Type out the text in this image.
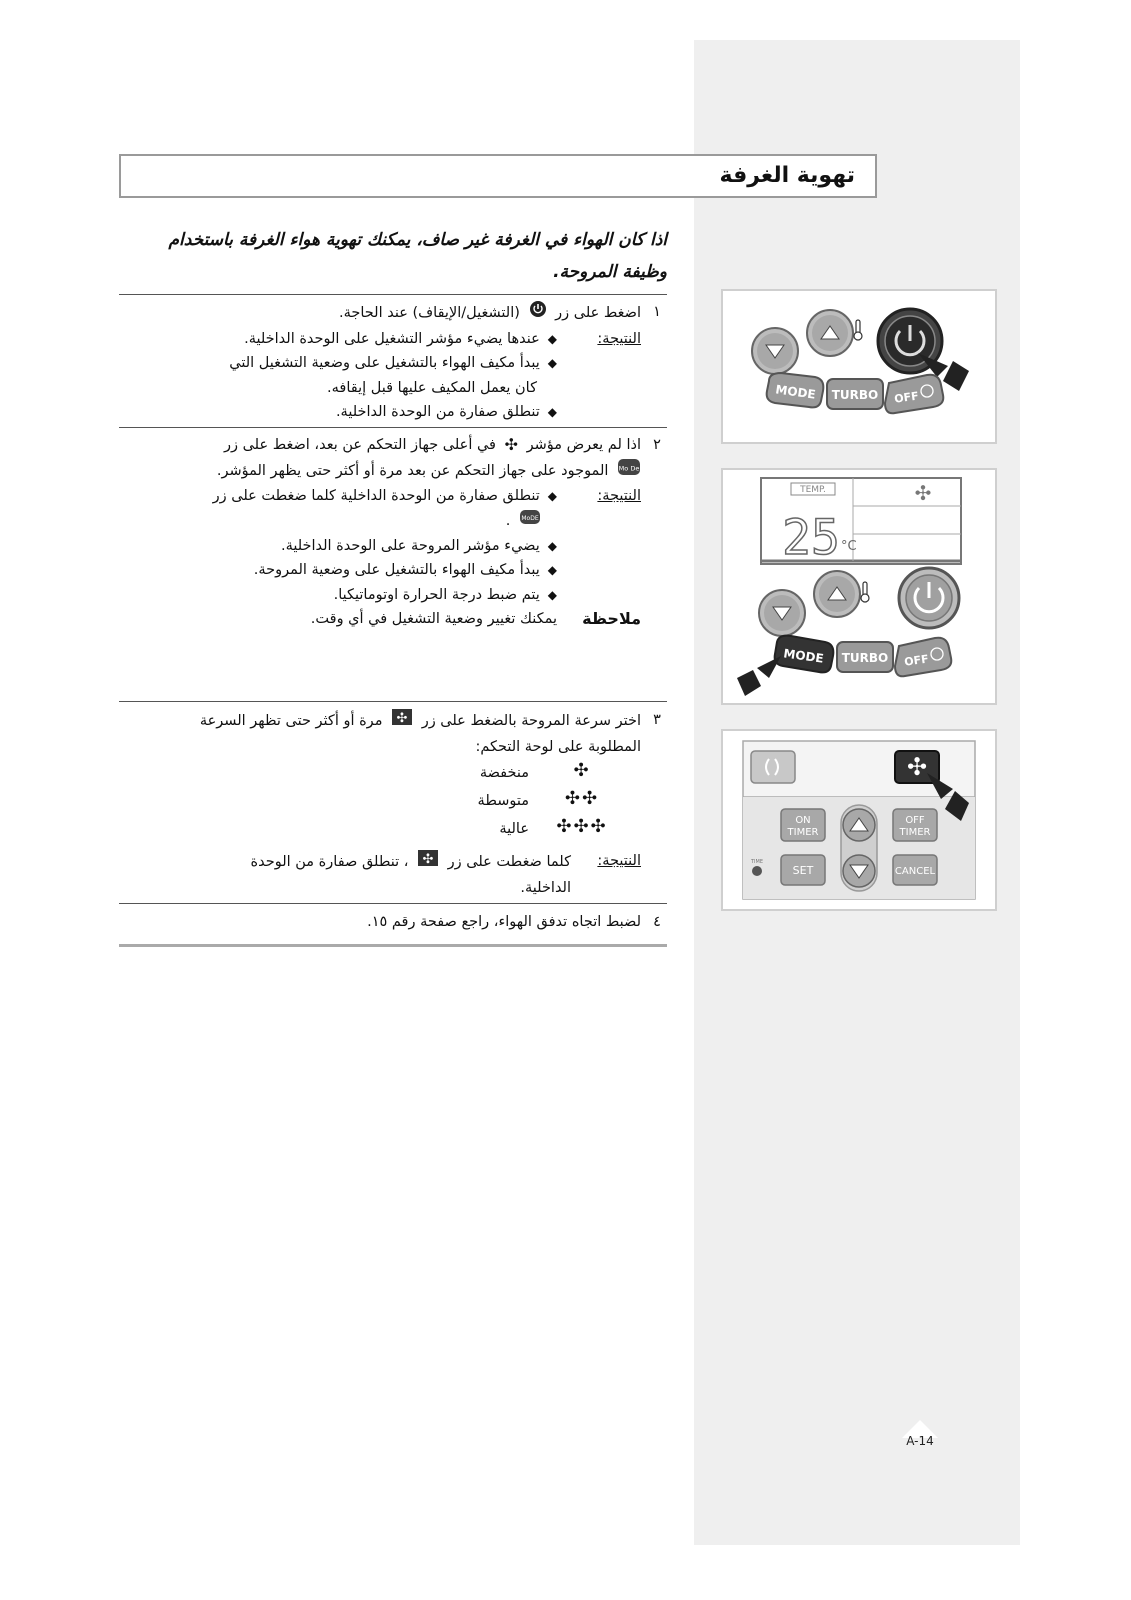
تهوية الغرفة
اذا كان الهواء في الغرفة غير صاف، يمكنك تهوية هواء الغرفة باستخدام
وظيفة المروحة.
١
اضغط على زر  (التشغيل/الإيقاف) عند الحاجة.
النتيجة:
◆عندها يضيء مؤشر التشغيل على الوحدة الداخلية.
◆يبدأ مكيف الهواء بالتشغيل على وضعية التشغيل التي
كان يعمل المكيف عليها قبل إيقافه.
◆تنطلق صفارة من الوحدة الداخلية.
٢
اذا لم يعرض مؤشر ✣ في أعلى جهاز التحكم عن بعد، اضغط على زر
Mo De
الموجود على جهاز التحكم عن بعد مرة أو أكثر حتى يظهر المؤشر.
النتيجة:
◆تنطلق صفارة من الوحدة الداخلية كلما ضغطت على زر
MoDE
.
◆يضيء مؤشر المروحة على الوحدة الداخلية.
◆يبدأ مكيف الهواء بالتشغيل على وضعية المروحة.
◆يتم ضبط درجة الحرارة اوتوماتيكيا.
ملاحظة
يمكنك تغيير وضعية التشغيل في أي وقت.
٣
اختر سرعة المروحة بالضغط على زر
✣
مرة أو أكثر حتى تظهر السرعة
المطلوبة على لوحة التحكم:
منخفضة	✣
متوسطة	✣✣
عالية	✣✣✣
النتيجة:
كلما ضغطت على زر
✣
، تنطلق صفارة من الوحدة
الداخلية.
٤
لضبط اتجاه تدفق الهواء، راجع صفحة رقم ١٥.
MODE TURBO OFF
TEMP.
25 °C
✣
MODE TURBO OFF
✣
ON
TIMER
OFF
TIMER
TIME
SET	CANCEL
A-14
